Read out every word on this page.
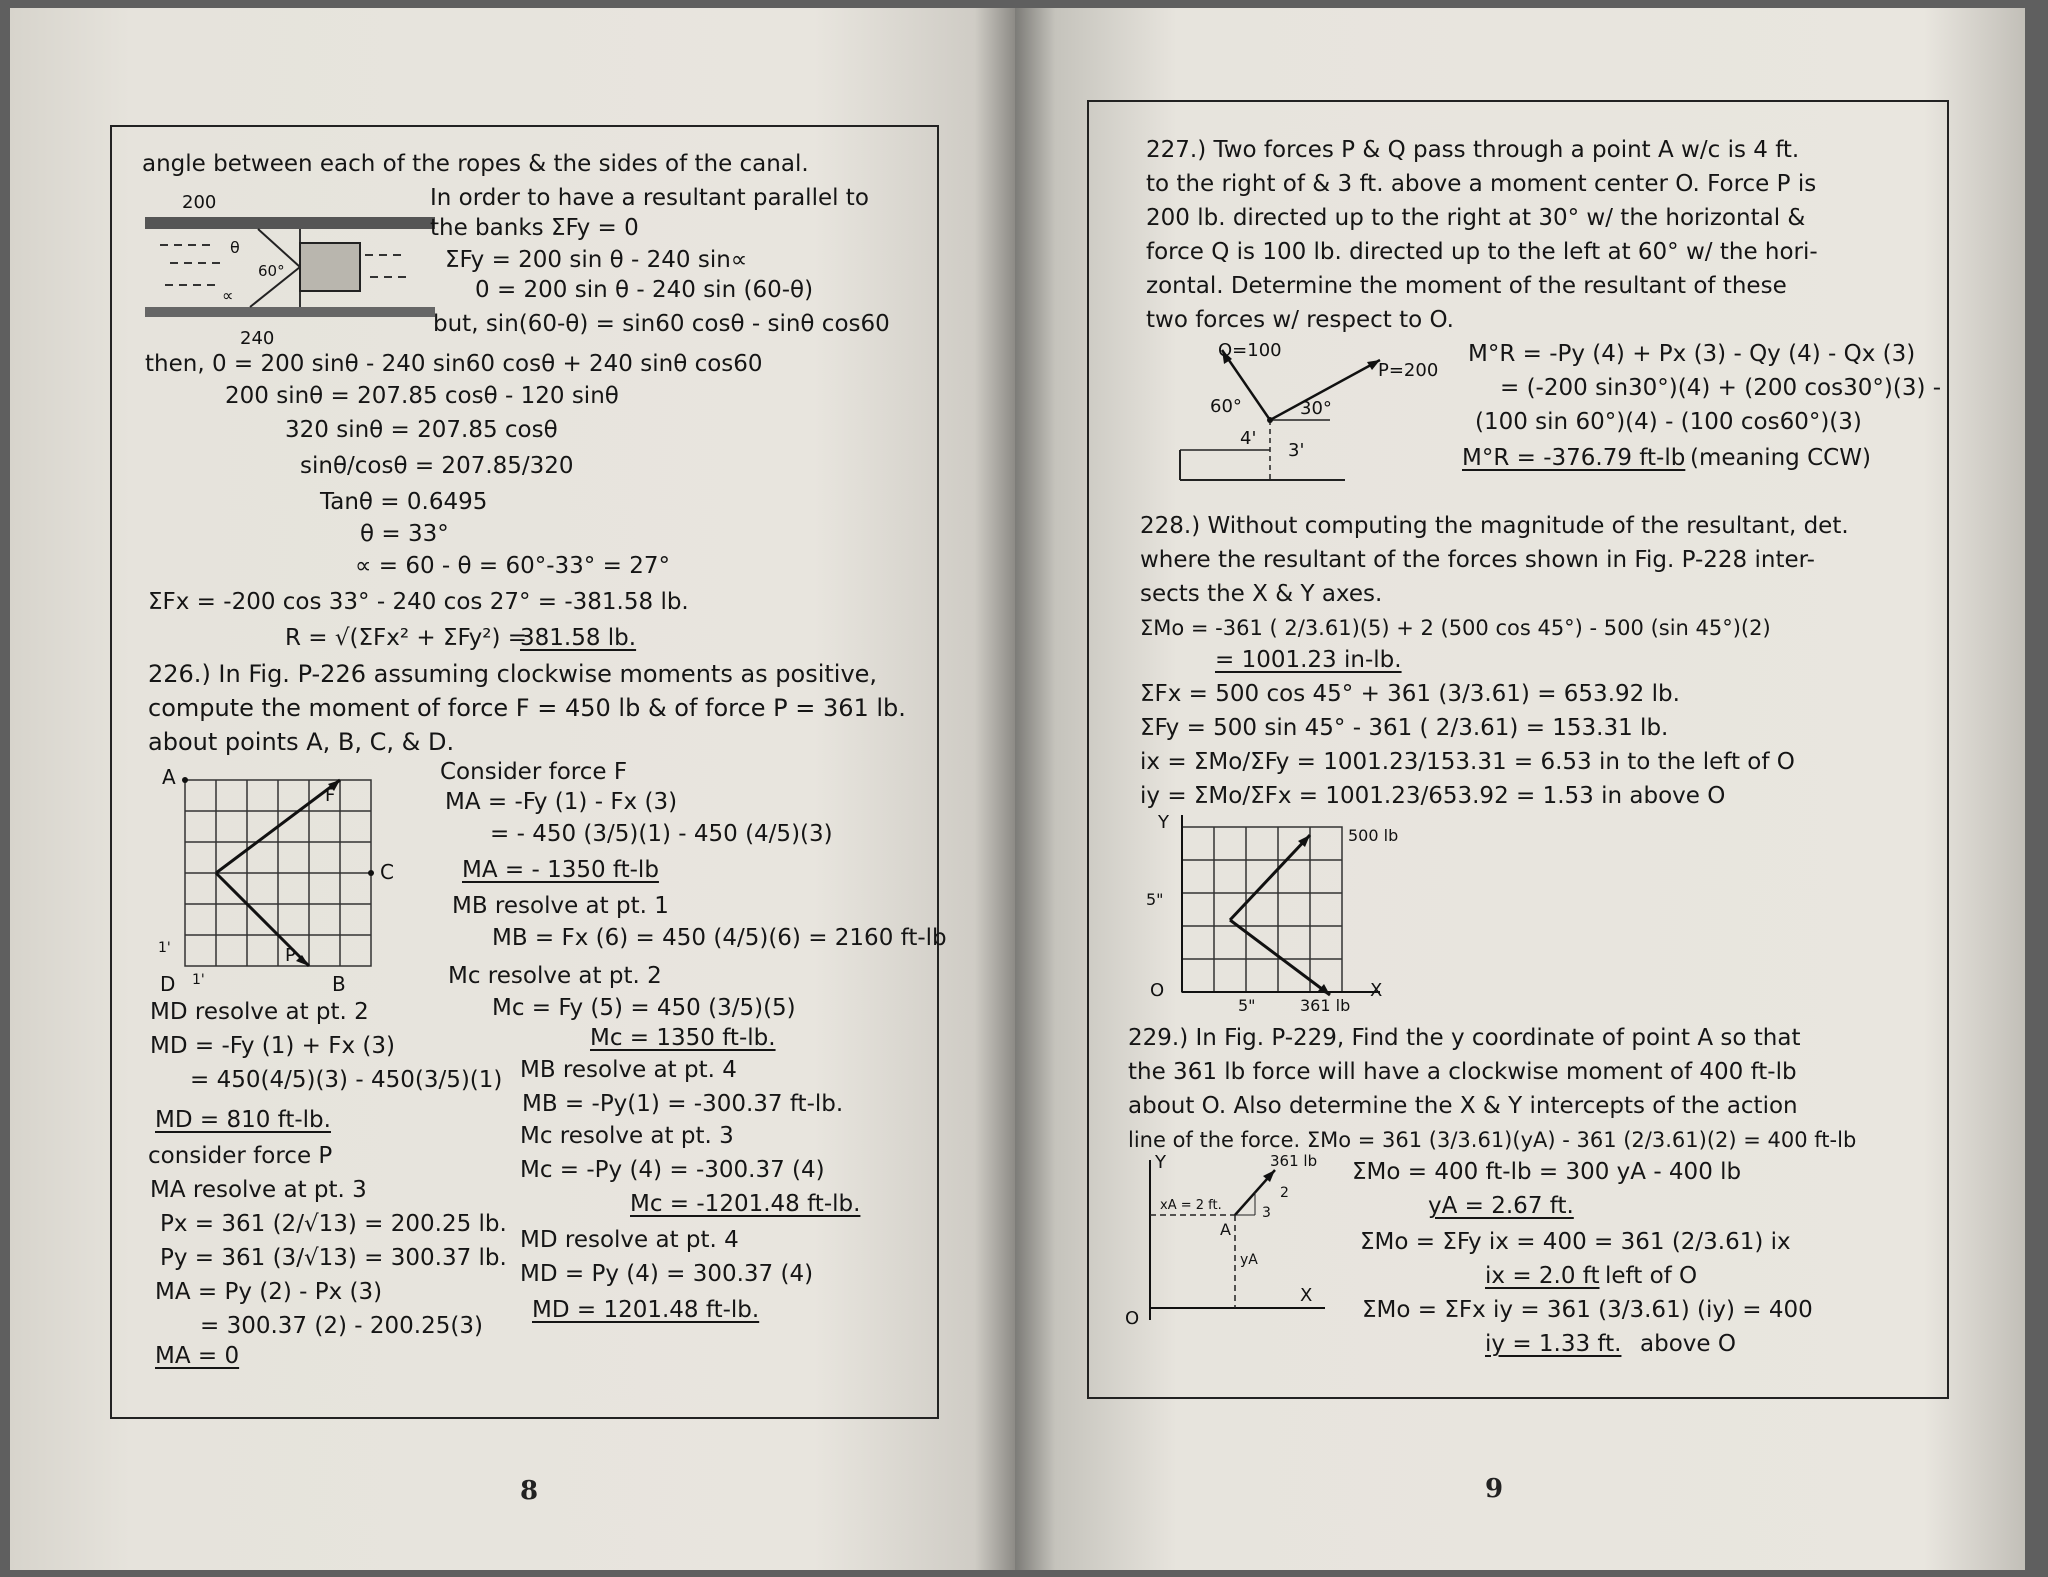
200
θ
60°
∝
240
angle between each of the ropes & the sides of the canal.
In order to have a resultant parallel to
the banks ΣFy = 0
ΣFy = 200 sin θ - 240 sin∝
0 = 200 sin θ - 240 sin (60-θ)
but, sin(60-θ) = sin60 cosθ - sinθ cos60
then, 0 = 200 sinθ - 240 sin60 cosθ + 240 sinθ cos60
200 sinθ = 207.85 cosθ - 120 sinθ
320 sinθ = 207.85 cosθ
sinθ/cosθ = 207.85/320
Tanθ = 0.6495
θ = 33°
∝ = 60 - θ = 60°-33° = 27°
ΣFx = -200 cos 33° - 240 cos 27° = -381.58 lb.
R = √(ΣFx² + ΣFy²) =
381.58 lb.
226.) In Fig. P-226 assuming clockwise moments as positive,
compute the moment of force F = 450 lb & of force P = 361 lb.
about points A, B, C, & D.
A
F
C
P
D	B
1'
1'
Consider force F
MA = -Fy (1) - Fx (3)
= - 450 (3/5)(1) - 450 (4/5)(3)
MA = - 1350 ft-lb
MB resolve at pt. 1
MB = Fx (6) = 450 (4/5)(6) = 2160 ft-lb
Mc resolve at pt. 2
Mc = Fy (5) = 450 (3/5)(5)
Mc = 1350 ft-lb.
MD resolve at pt. 2
MD = -Fy (1) + Fx (3)
= 450(4/5)(3) - 450(3/5)(1) MB resolve at pt. 4
MB = -Py(1) = -300.37 ft-lb.
MD = 810 ft-lb.
Mc resolve at pt. 3
consider force P
Mc = -Py (4) = -300.37 (4)
MA resolve at pt. 3
Mc = -1201.48 ft-lb.
Px = 361 (2/√13) = 200.25 lb.
Py = 361 (3/√13) = 300.37 lb.
MD resolve at pt. 4
MA = Py (2) - Px (3)
MD = Py (4) = 300.37 (4)
= 300.37 (2) - 200.25(3)
MD = 1201.48 ft-lb.
MA = 0
8
227.) Two forces P & Q pass through a point A w/c is 4 ft.
to the right of & 3 ft. above a moment center O. Force P is
200 lb. directed up to the right at 30° w/ the horizontal &
force Q is 100 lb. directed up to the left at 60° w/ the hori-
zontal. Determine the moment of the resultant of these
two forces w/ respect to O.
Q=100
P=200
60°	30°
4'
3'
M°R = -Py (4) + Px (3) - Qy (4) - Qx (3)
= (-200 sin30°)(4) + (200 cos30°)(3) -
(100 sin 60°)(4) - (100 cos60°)(3)
M°R = -376.79 ft-lb (meaning CCW)
228.) Without computing the magnitude of the resultant, det.
where the resultant of the forces shown in Fig. P-228 inter-
sects the X & Y axes.
ΣMo = -361 ( 2/3.61)(5) + 2 (500 cos 45°) - 500 (sin 45°)(2)
= 1001.23 in-lb.
ΣFx = 500 cos 45° + 361 (3/3.61) = 653.92 lb.
ΣFy = 500 sin 45° - 361 ( 2/3.61) = 153.31 lb.
ix = ΣMo/ΣFy = 1001.23/153.31 = 6.53 in to the left of O
iy = ΣMo/ΣFx = 1001.23/653.92 = 1.53 in above O
Y
500 lb
5"
O
5"	361 lb
X
229.) In Fig. P-229, Find the y coordinate of point A so that
the 361 lb force will have a clockwise moment of 400 ft-lb
about O. Also determine the X & Y intercepts of the action
line of the force. ΣMo = 361 (3/3.61)(yA) - 361 (2/3.61)(2) = 400 ft-lb
Y	361 lb
xA = 2 ft.
2
3
A
yA
X
O
ΣMo = 400 ft-lb = 300 yA - 400 lb
yA = 2.67 ft.
ΣMo = ΣFy ix = 400 = 361 (2/3.61) ix
ix = 2.0 ft left of O
ΣMo = ΣFx iy = 361 (3/3.61) (iy) = 400
iy = 1.33 ft. above O
9
